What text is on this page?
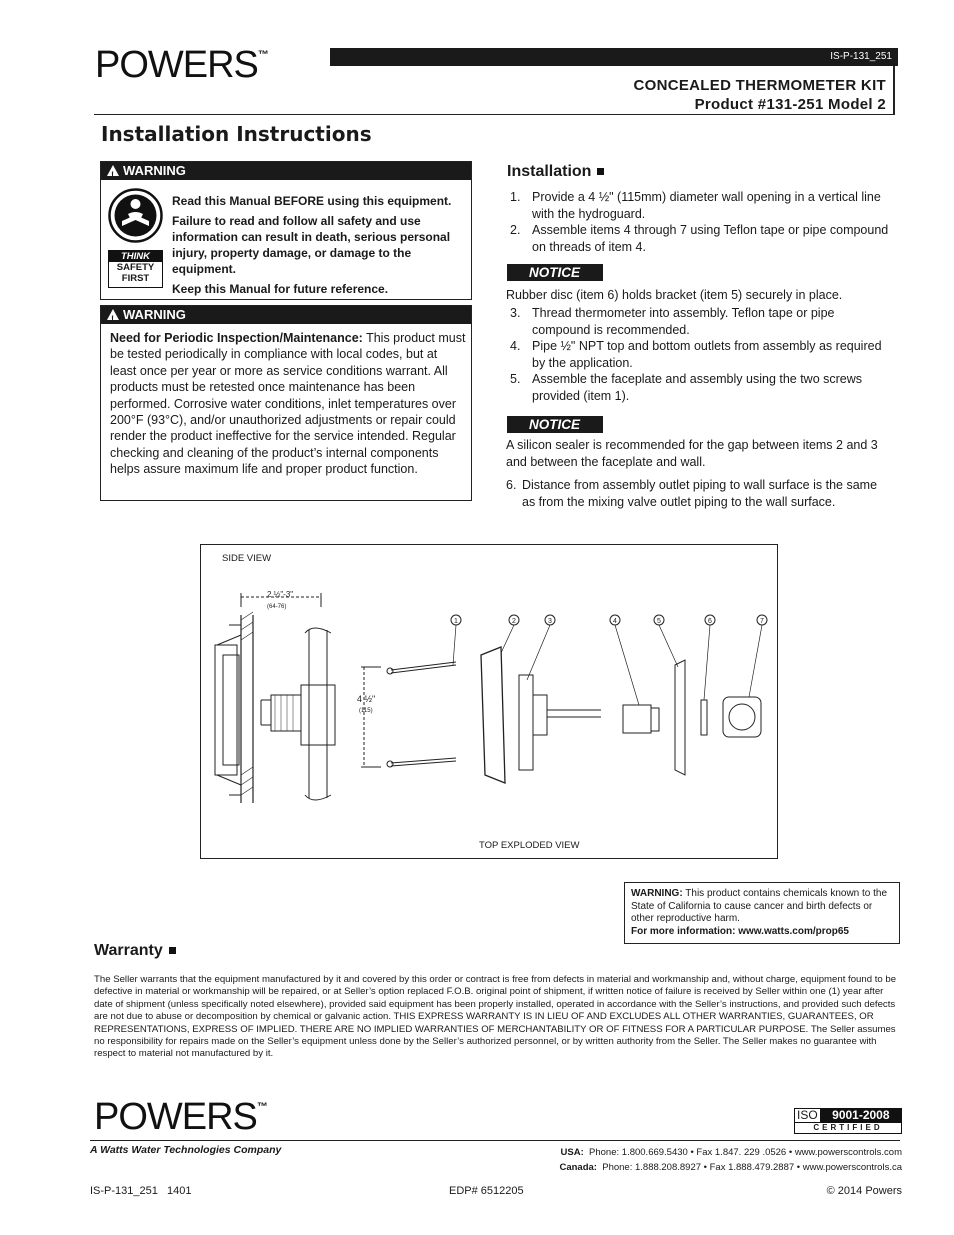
POWERS™	IS-P-131_251
CONCEALED THERMOMETER KIT
Product #131-251 Model 2
Installation Instructions
!WARNING
THINK
SAFETY
FIRST

Read this Manual BEFORE using this equipment.

Failure to read and follow all safety and use information can result in death, serious personal injury, property damage, or damage to the equipment.

Keep this Manual for future reference.

!WARNING

Need for Periodic Inspection/Maintenance: This product must be tested periodically in compliance with local codes, but at least once per year or more as service conditions warrant. All products must be retested once maintenance has been performed. Corrosive water conditions, inlet temperatures over 200°F (93°C), and/or unauthorized adjustments or repair could render the product ineffective for the service intended. Regular checking and cleaning of the product’s internal components helps assure maximum life and proper product function.

Installation
1. Provide a 4 ½" (115mm) diameter wall opening in a vertical line with the hydroguard.
2. Assemble items 4 through 7 using Teflon tape or pipe compound on threads of item 4.
NOTICE

Rubber disc (item 6) holds bracket (item 5) securely in place.

3. Thread thermometer into assembly. Teflon tape or pipe compound is recommended.
4. Pipe ½" NPT top and bottom outlets from assembly as required by the application.
5. Assemble the faceplate and assembly using the two screws provided (item 1).
NOTICE

A silicon sealer is recommended for the gap between items 2 and 3 and between the faceplate and wall.

6. Distance from assembly outlet piping to wall surface is the same as from the mixing valve outlet piping to the wall surface.
SIDE VIEW
TOP EXPLODED VIEW
1	2	3	4	5	6	7
2 ½"-3"
(64-76)
4 ½"
(115)
WARNING: This product contains chemicals known to the State of California to cause cancer and birth defects or other reproductive harm.
For more information: www.watts.com/prop65
Warranty

The Seller warrants that the equipment manufactured by it and covered by this order or contract is free from defects in material and workmanship and, without charge, equipment found to be defective in material or workmanship will be repaired, or at Seller’s option replaced F.O.B. original point of shipment, if written notice of failure is received by Seller within one (1) year after date of shipment (unless specifically noted elsewhere), provided said equipment has been properly installed, operated in accordance with the Seller’s instructions, and provided such defects are not due to abuse or decomposition by chemical or galvanic action. THIS EXPRESS WARRANTY IS IN LIEU OF AND EXCLUDES ALL OTHER WARRANTIES, GUARANTEES, OR REPRESENTATIONS, EXPRESS OF IMPLIED. THERE ARE NO IMPLIED WARRANTIES OF MERCHANTABILITY OR OF FITNESS FOR A PARTICULAR PURPOSE. The Seller assumes no responsibility for repairs made on the Seller’s equipment unless done by the Seller’s authorized personnel, or by written authority from the Seller. The Seller makes no guarantee with respect to material not manufactured by it.

POWERS™
A Watts Water Technologies Company
ISO	9001-2008
CERTIFIED
USA: Phone: 1.800.669.5430 • Fax 1.847. 229 .0526 • www.powerscontrols.com
Canada: Phone: 1.888.208.8927 • Fax 1.888.479.2887 • www.powerscontrols.ca
IS-P-131_251   1401	EDP# 6512205	© 2014 Powers
